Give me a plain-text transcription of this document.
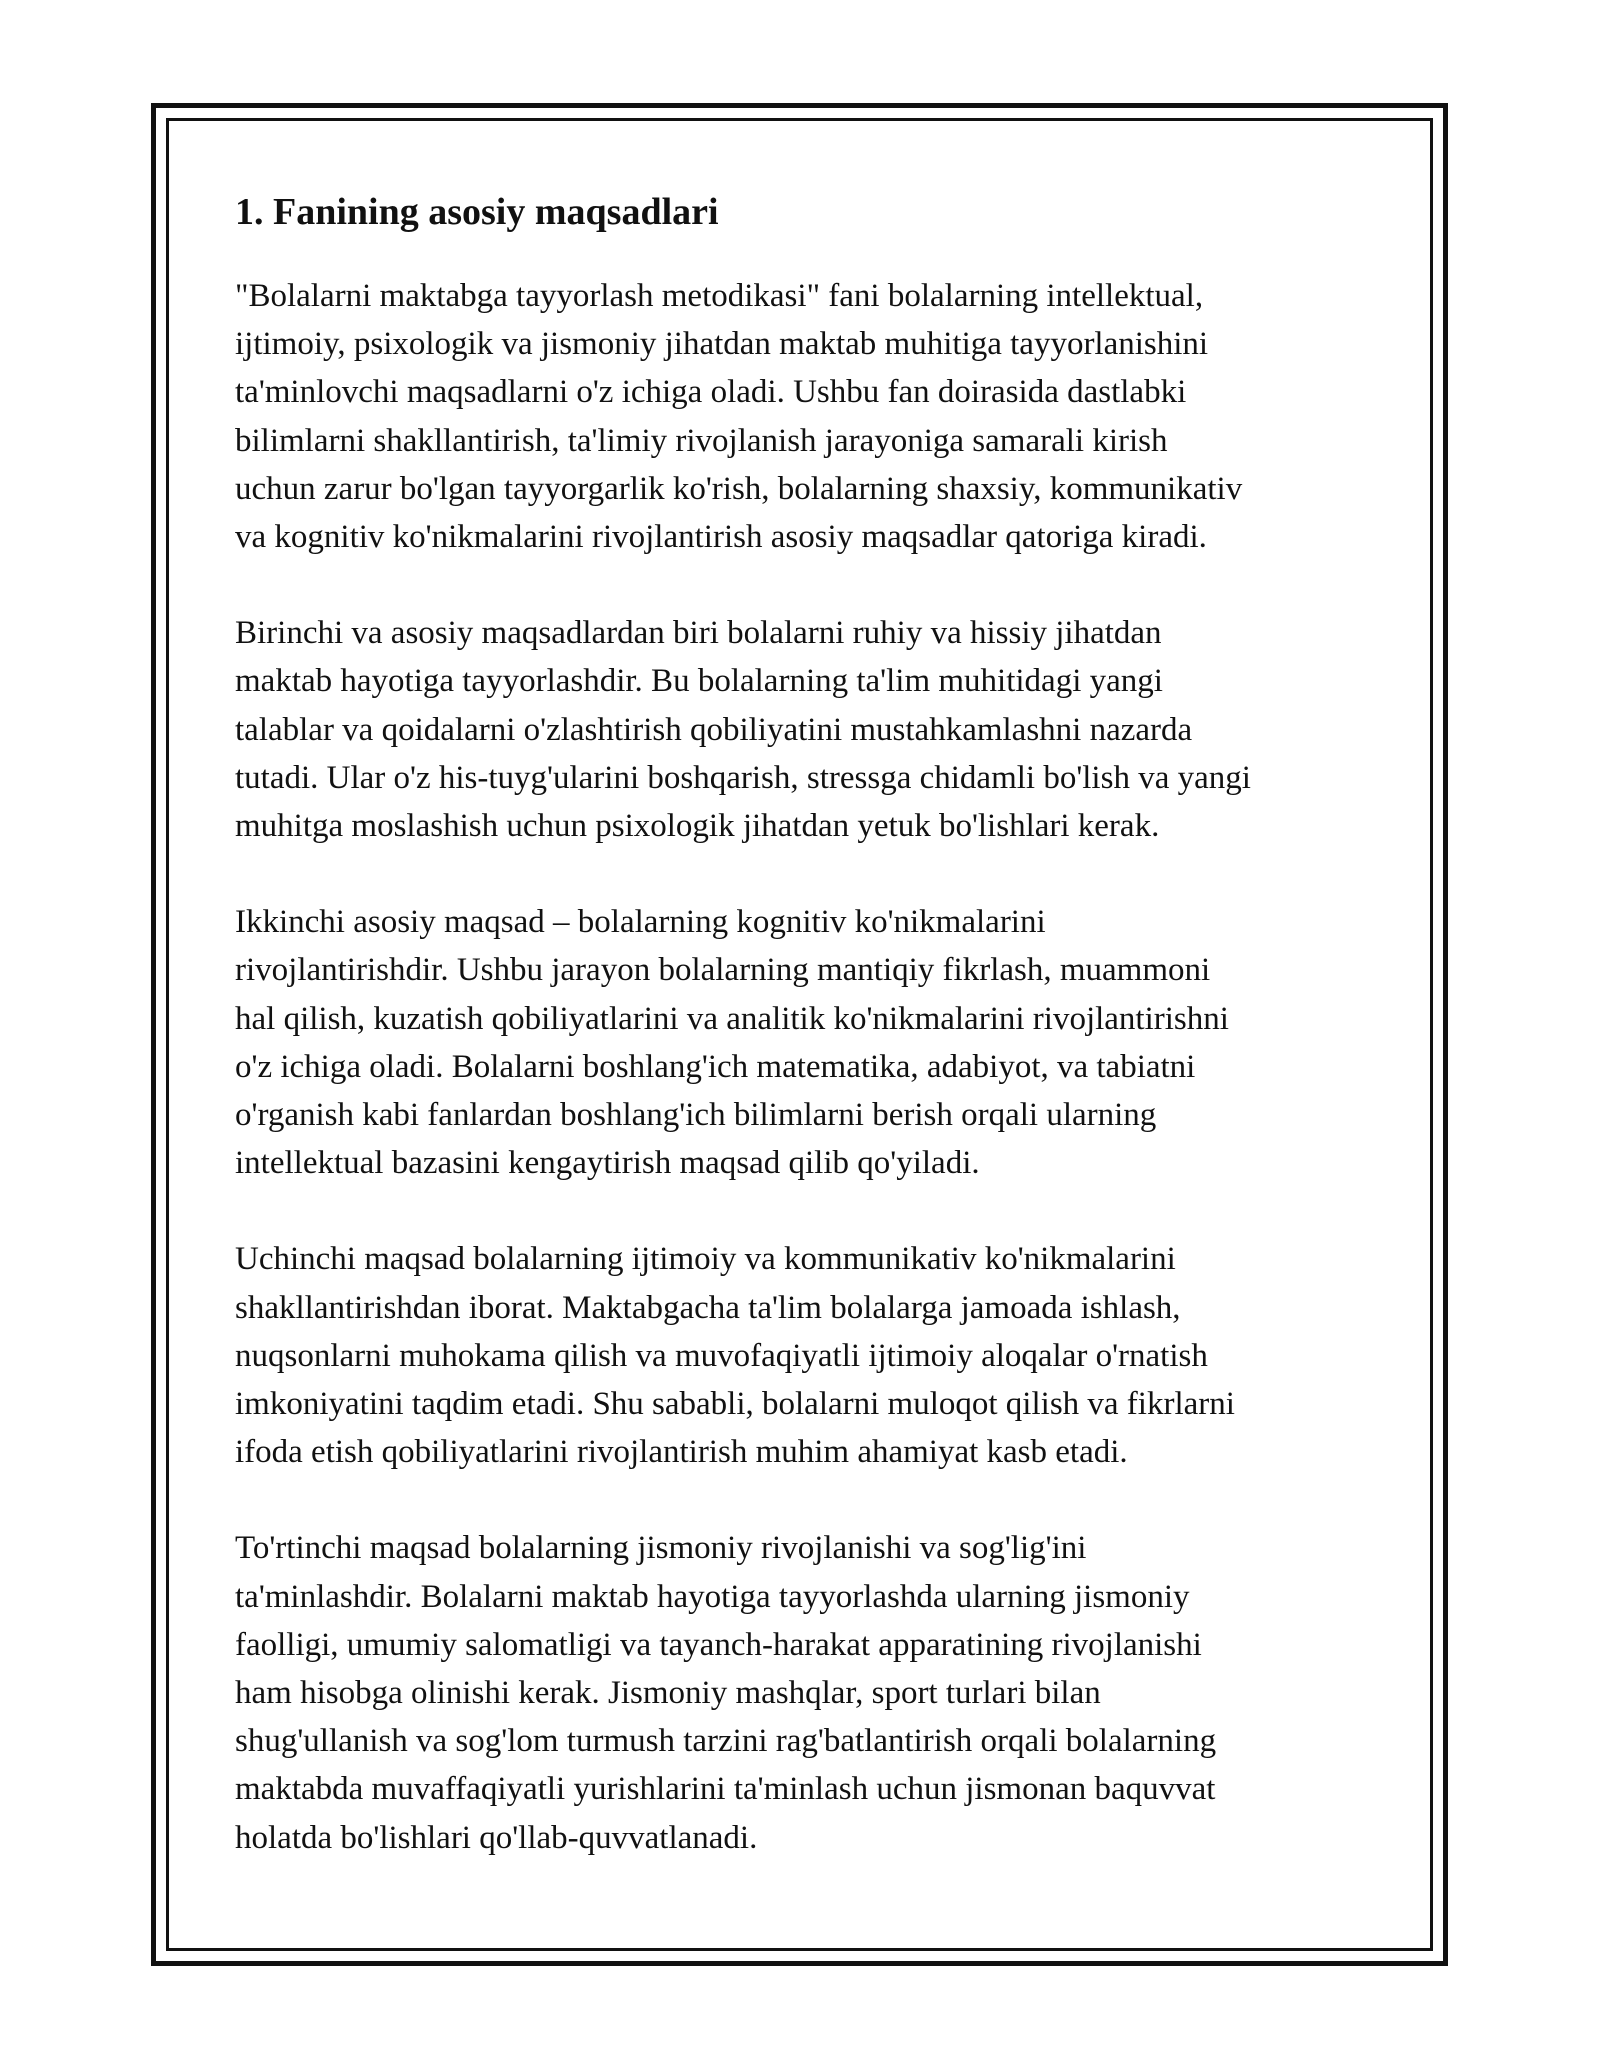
1. Fanining asosiy maqsadlari

"Bolalarni maktabga tayyorlash metodikasi" fani bolalarning intellektual,
ijtimoiy, psixologik va jismoniy jihatdan maktab muhitiga tayyorlanishini
ta'minlovchi maqsadlarni o'z ichiga oladi. Ushbu fan doirasida dastlabki
bilimlarni shakllantirish, ta'limiy rivojlanish jarayoniga samarali kirish
uchun zarur bo'lgan tayyorgarlik ko'rish, bolalarning shaxsiy, kommunikativ
va kognitiv ko'nikmalarini rivojlantirish asosiy maqsadlar qatoriga kiradi.

Birinchi va asosiy maqsadlardan biri bolalarni ruhiy va hissiy jihatdan
maktab hayotiga tayyorlashdir. Bu bolalarning ta'lim muhitidagi yangi
talablar va qoidalarni o'zlashtirish qobiliyatini mustahkamlashni nazarda
tutadi. Ular o'z his-tuyg'ularini boshqarish, stressga chidamli bo'lish va yangi
muhitga moslashish uchun psixologik jihatdan yetuk bo'lishlari kerak.

Ikkinchi asosiy maqsad – bolalarning kognitiv ko'nikmalarini
rivojlantirishdir. Ushbu jarayon bolalarning mantiqiy fikrlash, muammoni
hal qilish, kuzatish qobiliyatlarini va analitik ko'nikmalarini rivojlantirishni
o'z ichiga oladi. Bolalarni boshlang'ich matematika, adabiyot, va tabiatni
o'rganish kabi fanlardan boshlang'ich bilimlarni berish orqali ularning
intellektual bazasini kengaytirish maqsad qilib qo'yiladi.

Uchinchi maqsad bolalarning ijtimoiy va kommunikativ ko'nikmalarini
shakllantirishdan iborat. Maktabgacha ta'lim bolalarga jamoada ishlash,
nuqsonlarni muhokama qilish va muvofaqiyatli ijtimoiy aloqalar o'rnatish
imkoniyatini taqdim etadi. Shu sababli, bolalarni muloqot qilish va fikrlarni
ifoda etish qobiliyatlarini rivojlantirish muhim ahamiyat kasb etadi.

To'rtinchi maqsad bolalarning jismoniy rivojlanishi va sog'lig'ini
ta'minlashdir. Bolalarni maktab hayotiga tayyorlashda ularning jismoniy
faolligi, umumiy salomatligi va tayanch-harakat apparatining rivojlanishi
ham hisobga olinishi kerak. Jismoniy mashqlar, sport turlari bilan
shug'ullanish va sog'lom turmush tarzini rag'batlantirish orqali bolalarning
maktabda muvaffaqiyatli yurishlarini ta'minlash uchun jismonan baquvvat
holatda bo'lishlari qo'llab-quvvatlanadi.
